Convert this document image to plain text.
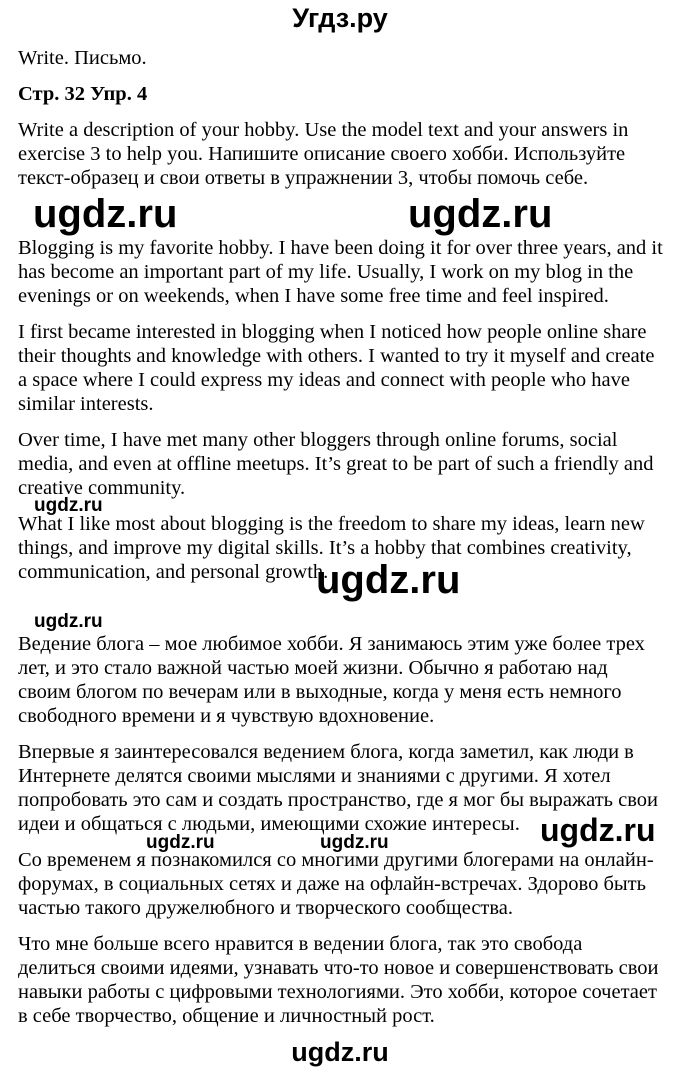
Угдз.ру

Write. Письмо.

Стр. 32 Упр. 4

Write a description of your hobby. Use the model text and your answers in exercise 3 to help you. Напишите описание своего хобби. Используйте текст-образец и свои ответы в упражнении 3, чтобы помочь себе.

Blogging is my favorite hobby. I have been doing it for over three years, and it has become an important part of my life. Usually, I work on my blog in the evenings or on weekends, when I have some free time and feel inspired.

I first became interested in blogging when I noticed how people online share their thoughts and knowledge with others. I wanted to try it myself and create a space where I could express my ideas and connect with people who have similar interests.

Over time, I have met many other bloggers through online forums, social media, and even at offline meetups. It’s great to be part of such a friendly and creative community.

What I like most about blogging is the freedom to share my ideas, learn new things, and improve my digital skills. It’s a hobby that combines creativity, communication, and personal growth.

Ведение блога – мое любимое хобби. Я занимаюсь этим уже более трех лет, и это стало важной частью моей жизни. Обычно я работаю над своим блогом по вечерам или в выходные, когда у меня есть немного свободного времени и я чувствую вдохновение.

Впервые я заинтересовался ведением блога, когда заметил, как люди в Интернете делятся своими мыслями и знаниями с другими. Я хотел попробовать это сам и создать пространство, где я мог бы выражать свои идеи и общаться с людьми, имеющими схожие интересы.

Со временем я познакомился со многими другими блогерами на онлайн-форумах, в социальных сетях и даже на офлайн-встречах. Здорово быть частью такого дружелюбного и творческого сообщества.

Что мне больше всего нравится в ведении блога, так это свобода делиться своими идеями, узнавать что-то новое и совершенствовать свои навыки работы с цифровыми технологиями. Это хобби, которое сочетает в себе творчество, общение и личностный рост.

ugdz.ru	ugdz.ru
ugdz.ru
ugdz.ru
ugdz.ru
ugdz.ru	ugdz.ru	ugdz.ru
ugdz.ru
